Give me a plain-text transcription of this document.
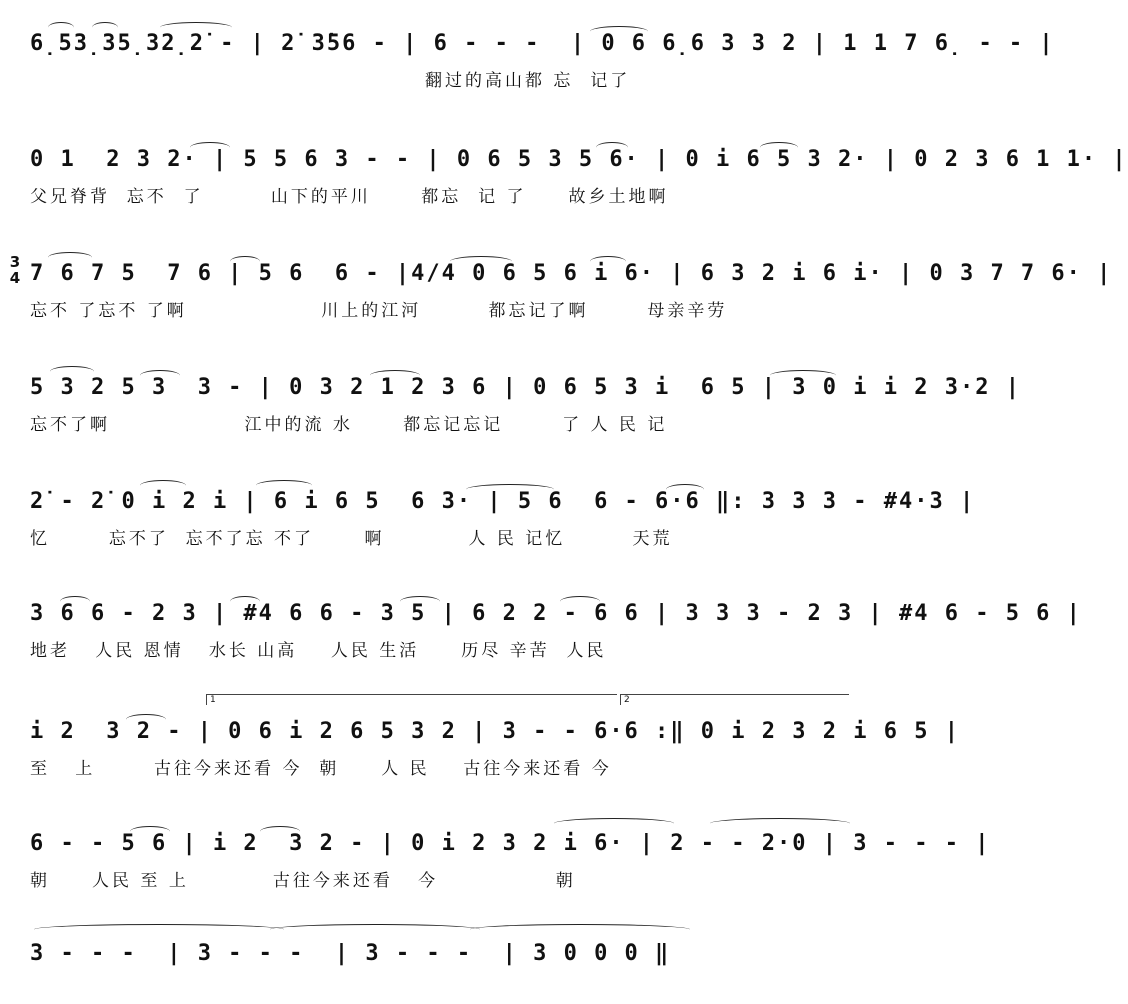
6̣53̣35̣32̣2̇ - | 2̇ 3̇56 - | 6 - - -  | 0 6 6̣6 3 3 2 | 1 1 7 6̣ - - |
翻过的高山都 忘  记了
0 1  2 3 2· | 5 5 6 3 - - | 0 6 5 3 5 6· | 0 i 6 5 3 2· | 0 2 3 6 1 1· |
父兄脊背  忘不  了        山下的平川      都忘  记 了     故乡土地啊
3
4 7 6 7 5  7 6 | 5 6  6 - |4/4 0 6 5 6 i 6· | 6 3 2 i 6 i· | 0 3 7 7 6· |
忘不 了忘不 了啊                川上的江河        都忘记了啊       母亲辛劳
5 3 2 5 3  3 - | 0 3 2 1 2 3 6 | 0 6 5 3 i  6 5 | 3 0 i i 2 3·2 |
忘不了啊                江中的流 水      都忘记忘记       了 人 民 记
2̇ - 2̇ 0 i 2 i | 6 i 6 5  6 3· | 5 6  6 - 6·6 ‖: 3 3 3 - #4·3 |
忆       忘不了  忘不了忘 不了      啊          人 民 记忆        天荒
3 6 6 - 2 3 | #4 6 6 - 3 5 | 6 2 2 - 6 6 | 3 3 3 - 2 3 | #4 6 - 5 6 |
地老   人民 恩情   水长 山高    人民 生活     历尽 辛苦  人民
1	2
i 2  3 2 - | 0 6 i 2 6 5 3 2 | 3 - - 6·6 :‖ 0 i 2 3 2 i 6 5 |
至   上       古往今来还看 今  朝     人 民    古往今来还看 今
6 - - 5 6 | i 2  3 2 - | 0 i 2 3 2 i 6· | 2 - - 2·0 | 3 - - - |
朝     人民 至 上          古往今来还看   今              朝
3 - - -  | 3 - - -  | 3 - - -  | 3 0 0 0 ‖
